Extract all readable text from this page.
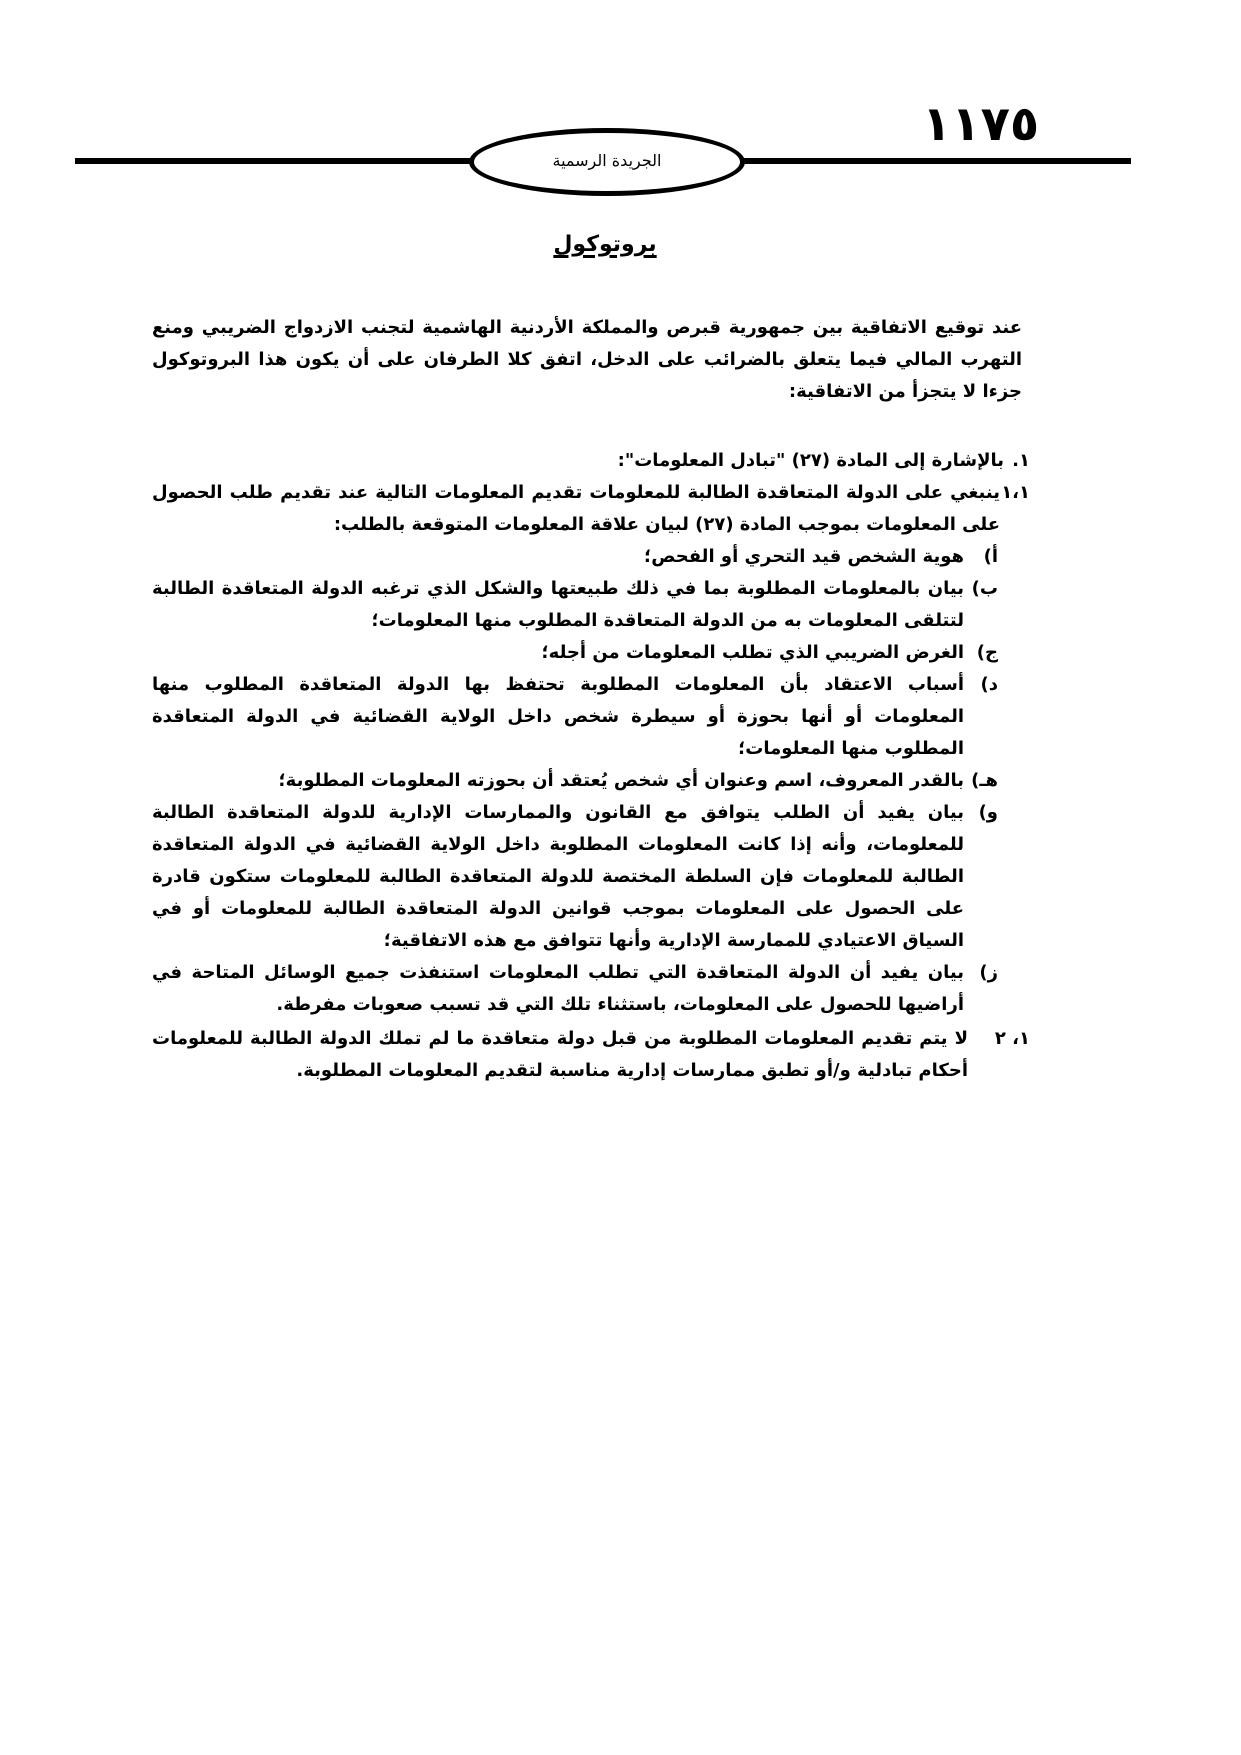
١١٧٥
الجريدة الرسمية
بروتوكول

عند توقيع الاتفاقية بين جمهورية قبرص والمملكة الأردنية الهاشمية لتجنب الازدواج الضريبي ومنع التهرب المالي فيما يتعلق بالضرائب على الدخل، اتفق كلا الطرفان على أن يكون هذا البروتوكول جزءا لا يتجزأ من الاتفاقية:

١.
بالإشارة إلى المادة (٢٧) "تبادل المعلومات":
١،١
ينبغي على الدولة المتعاقدة الطالبة للمعلومات تقديم المعلومات التالية عند تقديم طلب الحصول على المعلومات بموجب المادة (٢٧) لبيان علاقة المعلومات المتوقعة بالطلب:
أ)
هوية الشخص قيد التحري أو الفحص؛
ب)
بيان بالمعلومات المطلوبة بما في ذلك طبيعتها والشكل الذي ترغبه الدولة المتعاقدة الطالبة لتتلقى المعلومات به من الدولة المتعاقدة المطلوب منها المعلومات؛
ج)
الغرض الضريبي الذي تطلب المعلومات من أجله؛
د)
أسباب الاعتقاد بأن المعلومات المطلوبة تحتفظ بها الدولة المتعاقدة المطلوب منها المعلومات أو أنها بحوزة أو سيطرة شخص داخل الولاية القضائية في الدولة المتعاقدة المطلوب منها المعلومات؛
هـ)
بالقدر المعروف، اسم وعنوان أي شخص يُعتقد أن بحوزته المعلومات المطلوبة؛
و)
بيان يفيد أن الطلب يتوافق مع القانون والممارسات الإدارية للدولة المتعاقدة الطالبة للمعلومات، وأنه إذا كانت المعلومات المطلوبة داخل الولاية القضائية في الدولة المتعاقدة الطالبة للمعلومات فإن السلطة المختصة للدولة المتعاقدة الطالبة للمعلومات ستكون قادرة على الحصول على المعلومات بموجب قوانين الدولة المتعاقدة الطالبة للمعلومات أو في السياق الاعتيادي للممارسة الإدارية وأنها تتوافق مع هذه الاتفاقية؛
ز)
بيان يفيد أن الدولة المتعاقدة التي تطلب المعلومات استنفذت جميع الوسائل المتاحة في أراضيها للحصول على المعلومات، باستثناء تلك التي قد تسبب صعوبات مفرطة.
١، ٢
لا يتم تقديم المعلومات المطلوبة من قبل دولة متعاقدة ما لم تملك الدولة الطالبة للمعلومات أحكام تبادلية و/أو تطبق ممارسات إدارية مناسبة لتقديم المعلومات المطلوبة.
